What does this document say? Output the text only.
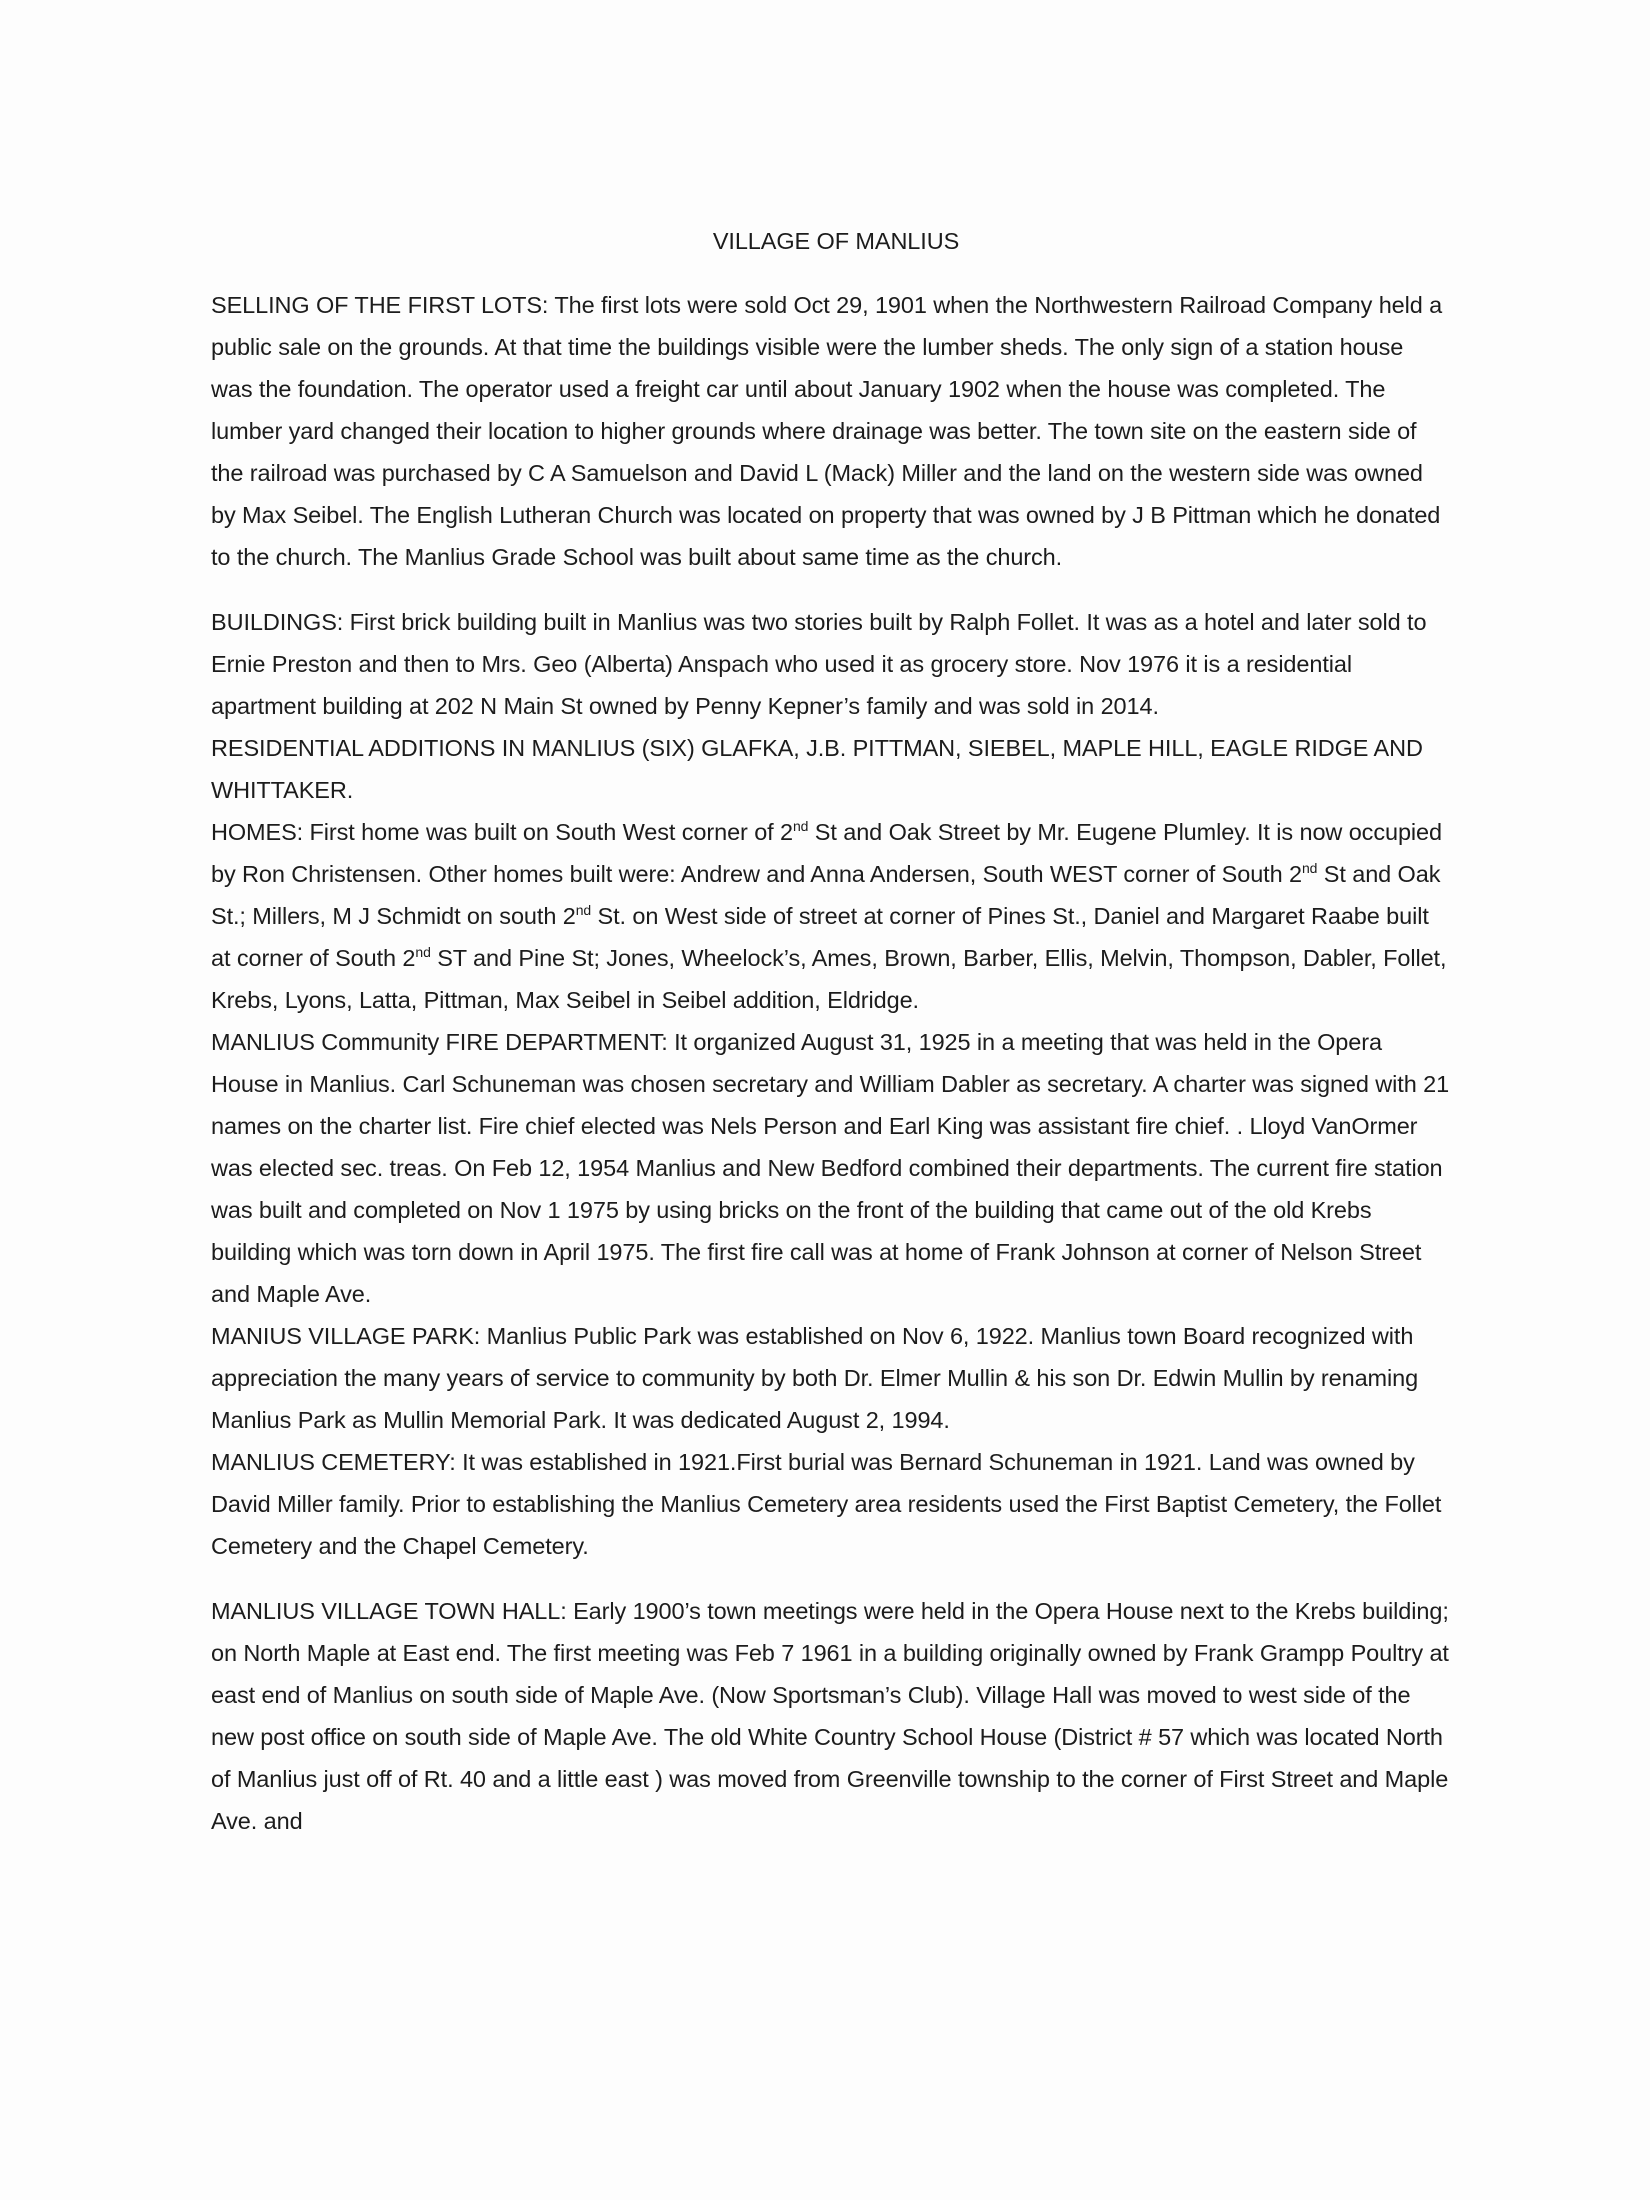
VILLAGE OF MANLIUS

SELLING OF THE FIRST LOTS: The first lots were sold Oct 29, 1901 when the Northwestern Railroad Company held a public sale on the grounds. At that time the buildings visible were the lumber sheds. The only sign of a station house was the foundation. The operator used a freight car until about January 1902 when the house was completed. The lumber yard changed their location to higher grounds where drainage was better. The town site on the eastern side of the railroad was purchased by C A Samuelson and David L (Mack) Miller and the land on the western side was owned by Max Seibel. The English Lutheran Church was located on property that was owned by J B Pittman which he donated to the church. The Manlius Grade School was built about same time as the church.

BUILDINGS: First brick building built in Manlius was two stories built by Ralph Follet. It was as a hotel and later sold to Ernie Preston and then to Mrs. Geo (Alberta) Anspach who used it as grocery store. Nov 1976 it is a residential apartment building at 202 N Main St owned by Penny Kepner’s family and was sold in 2014.

RESIDENTIAL ADDITIONS IN MANLIUS (SIX) GLAFKA, J.B. PITTMAN, SIEBEL, MAPLE HILL, EAGLE RIDGE AND WHITTAKER.

HOMES: First home was built on South West corner of 2nd St and Oak Street by Mr. Eugene Plumley. It is now occupied by Ron Christensen. Other homes built were: Andrew and Anna Andersen, South WEST corner of South 2nd St and Oak St.; Millers, M J Schmidt on south 2nd St. on West side of street at corner of Pines St., Daniel and Margaret Raabe built at corner of South 2nd ST and Pine St; Jones, Wheelock’s, Ames, Brown, Barber, Ellis, Melvin, Thompson, Dabler, Follet, Krebs, Lyons, Latta, Pittman, Max Seibel in Seibel addition, Eldridge.

MANLIUS Community FIRE DEPARTMENT: It organized August 31, 1925 in a meeting that was held in the Opera House in Manlius. Carl Schuneman was chosen secretary and William Dabler as secretary. A charter was signed with 21 names on the charter list. Fire chief elected was Nels Person and Earl King was assistant fire chief. . Lloyd VanOrmer was elected sec. treas. On Feb 12, 1954 Manlius and New Bedford combined their departments. The current fire station was built and completed on Nov 1 1975 by using bricks on the front of the building that came out of the old Krebs building which was torn down in April 1975. The first fire call was at home of Frank Johnson at corner of Nelson Street and Maple Ave.

MANIUS VILLAGE PARK: Manlius Public Park was established on Nov 6, 1922. Manlius town Board recognized with appreciation the many years of service to community by both Dr. Elmer Mullin & his son Dr. Edwin Mullin by renaming Manlius Park as Mullin Memorial Park. It was dedicated August 2, 1994.

MANLIUS CEMETERY: It was established in 1921.First burial was Bernard Schuneman in 1921. Land was owned by David Miller family. Prior to establishing the Manlius Cemetery area residents used the First Baptist Cemetery, the Follet Cemetery and the Chapel Cemetery.

MANLIUS VILLAGE TOWN HALL: Early 1900’s town meetings were held in the Opera House next to the Krebs building; on North Maple at East end. The first meeting was Feb 7 1961 in a building originally owned by Frank Grampp Poultry at east end of Manlius on south side of Maple Ave. (Now Sportsman’s Club). Village Hall was moved to west side of the new post office on south side of Maple Ave. The old White Country School House (District # 57 which was located North of Manlius just off of Rt. 40 and a little east ) was moved from Greenville township to the corner of First Street and Maple Ave. and
